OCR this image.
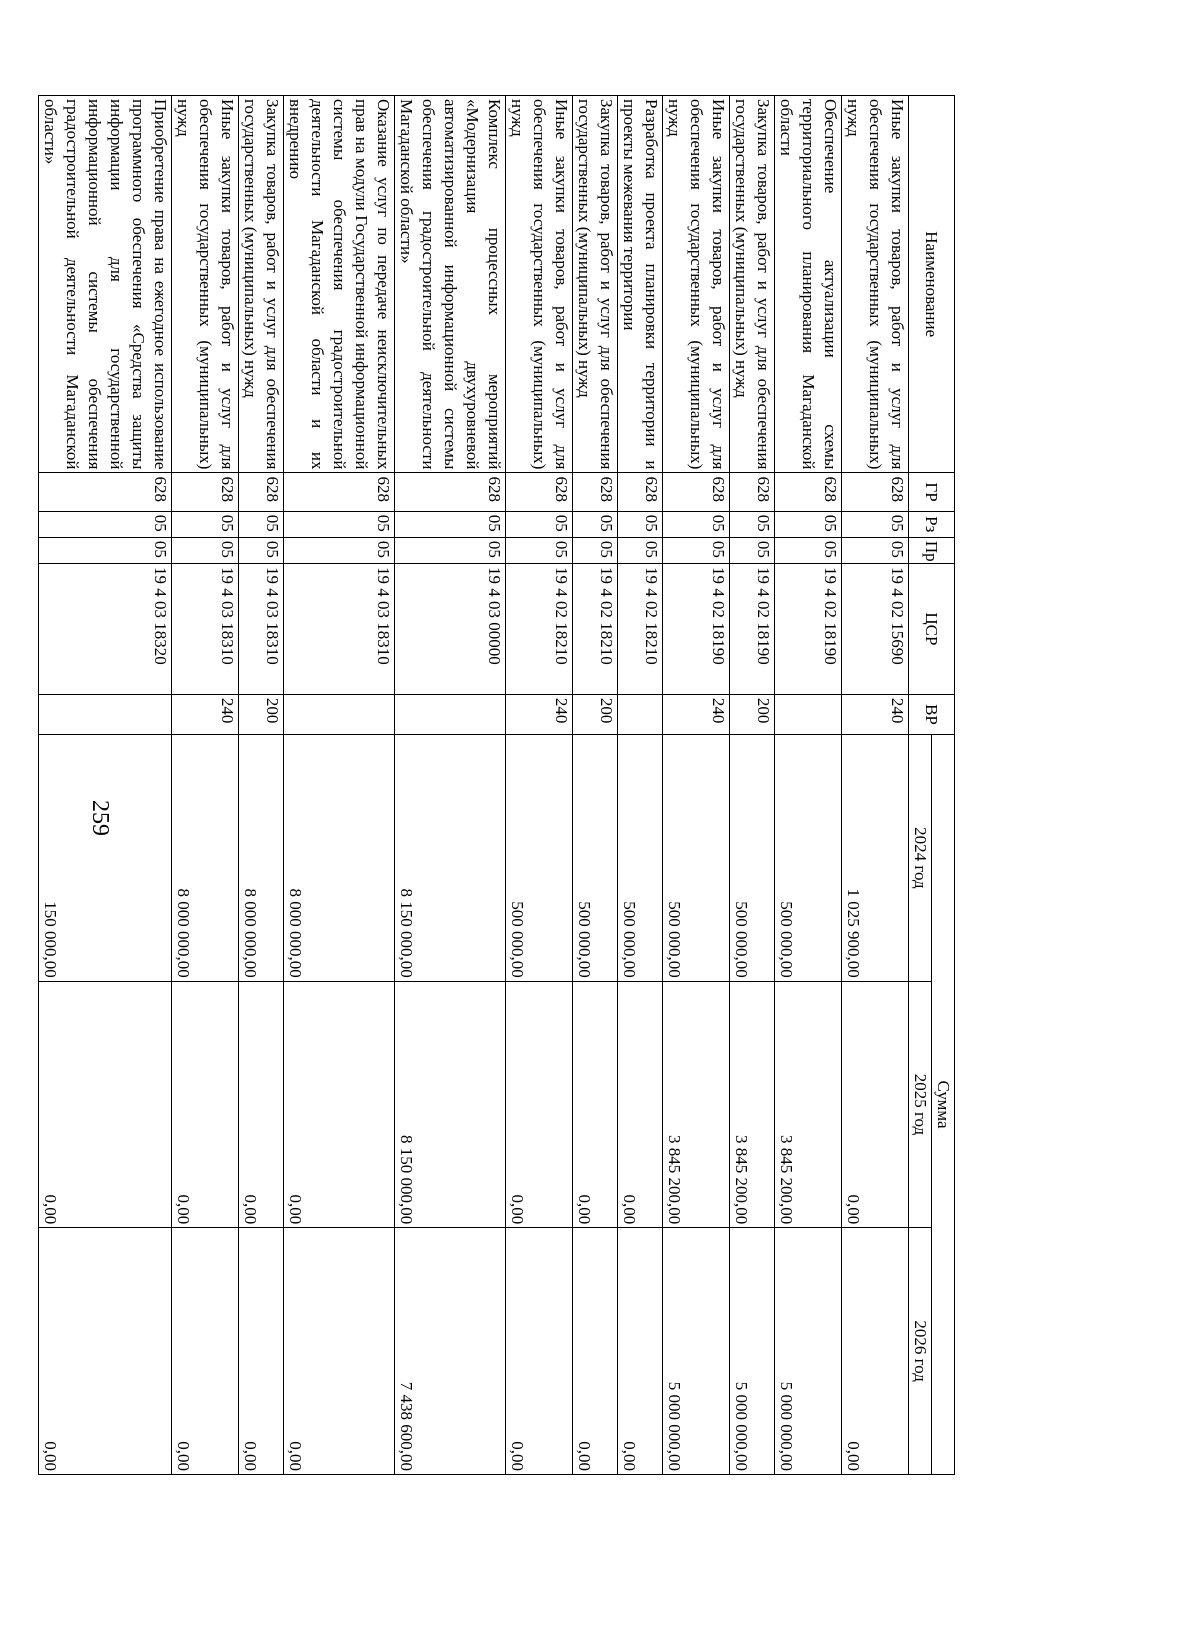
259
Наименование	ГР	Рз	Пр	ЦСР	ВР	Сумма		
						2024 год	2025 год	2026 год
Иные закупки товаров, работ и услуг для обеспечения государственных (муниципальных) нужд	628	05	05	19 4 02 15690	240	1 025 900,00	0,00	0,00
Обеспечение актуализации схемы территориального планирования Магаданской области	628	05	05	19 4 02 18190		500 000,00	3 845 200,00	5 000 000,00
Закупка товаров, работ и услуг для обеспечения государственных (муниципальных) нужд	628	05	05	19 4 02 18190	200	500 000,00	3 845 200,00	5 000 000,00
Иные закупки товаров, работ и услуг для обеспечения государственных (муниципальных) нужд	628	05	05	19 4 02 18190	240	500 000,00	3 845 200,00	5 000 000,00
Разработка проекта планировки территории и проекты межевания территории	628	05	05	19 4 02 18210		500 000,00	0,00	0,00
Закупка товаров, работ и услуг для обеспечения государственных (муниципальных) нужд	628	05	05	19 4 02 18210	200	500 000,00	0,00	0,00
Иные закупки товаров, работ и услуг для обеспечения государственных (муниципальных) нужд	628	05	05	19 4 02 18210	240	500 000,00	0,00	0,00
Комплекс процессных мероприятий «Модернизация двухуровневой автоматизированной информационной системы обеспечения градостроительной деятельности Магаданской области»	628	05	05	19 4 03 00000		8 150 000,00	8 150 000,00	7 438 600,00
Оказание услуг по передаче неисключительных прав на модули Государственной информационной системы обеспечения градостроительной деятельности Магаданской области и их внедрению	628	05	05	19 4 03 18310		8 000 000,00	0,00	0,00
Закупка товаров, работ и услуг для обеспечения государственных (муниципальных) нужд	628	05	05	19 4 03 18310	200	8 000 000,00	0,00	0,00
Иные закупки товаров, работ и услуг для обеспечения государственных (муниципальных) нужд	628	05	05	19 4 03 18310	240	8 000 000,00	0,00	0,00
Приобретение права на ежегодное использование программного обеспечения «Средства защиты информации для государственной информационной системы обеспечения градостроительной деятельности Магаданской области»	628	05	05	19 4 03 18320		150 000,00	0,00	0,00
